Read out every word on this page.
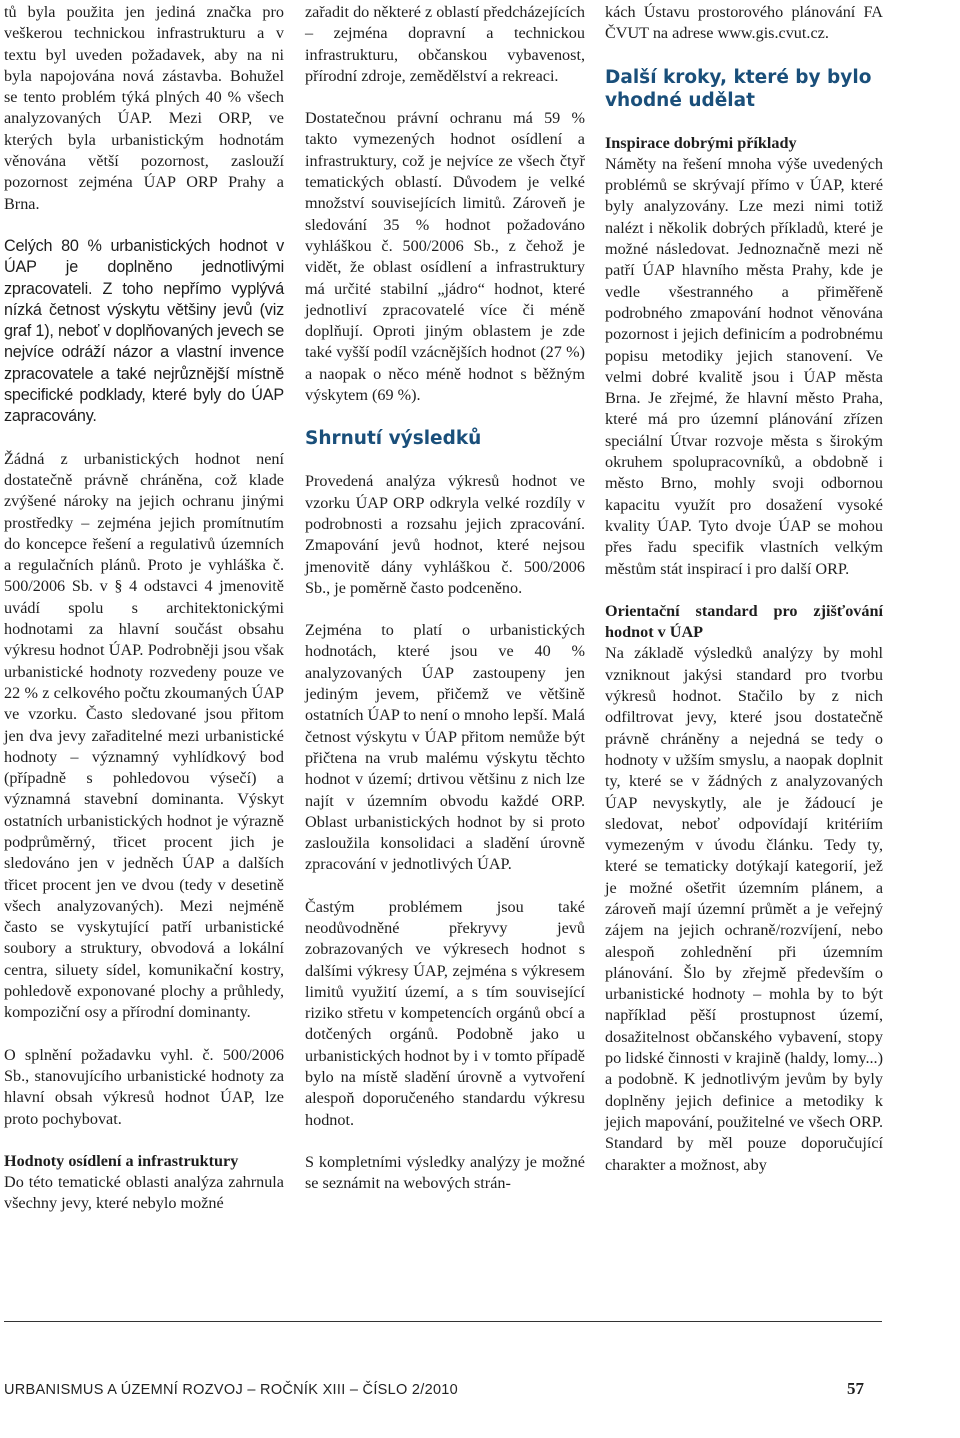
tů byla použita jen jediná značka pro veškerou technickou infrastrukturu a v textu byl uveden požadavek, aby na ni byla napojována nová zástavba. Bohužel se tento problém týká plných 40 % všech analyzovaných ÚAP. Mezi ORP, ve kterých byla urbanistickým hodnotám věnována větší pozornost, zaslouží pozornost zejména ÚAP ORP Prahy a Brna.

Celých 80 % urbanistických hodnot v ÚAP je doplněno jednotlivými zpracovateli. Z toho nepřímo vyplývá nízká četnost výskytu většiny jevů (viz graf 1), neboť v doplňovaných jevech se nejvíce odráží názor a vlastní invence zpracovatele a také nejrůznější místně specifické podklady, které byly do ÚAP zapracovány.

Žádná z urbanistických hodnot není dostatečně právně chráněna, což klade zvýšené nároky na jejich ochranu jinými prostředky – zejména jejich promítnutím do koncepce řešení a regulativů územních a regulačních plánů. Proto je vyhláška č. 500/2006 Sb. v § 4 odstavci 4 jmenovitě uvádí spolu s architektonickými hodnotami za hlavní součást obsahu výkresu hodnot ÚAP. Podrobněji jsou však urbanistické hodnoty rozvedeny pouze ve 22 % z celkového počtu zkoumaných ÚAP ve vzorku. Často sledované jsou přitom jen dva jevy zařaditelné mezi urbanistické hodnoty – významný vyhlídkový bod (případně s pohledovou výsečí) a významná stavební dominanta. Výskyt ostatních urbanistických hodnot je výrazně podprůměrný, třicet procent jich je sledováno jen v jedněch ÚAP a dalších třicet procent jen ve dvou (tedy v desetině všech analyzovaných). Mezi nejméně často se vyskytující patří urbanistické soubory a struktury, obvodová a lokální centra, siluety sídel, komunikační kostry, pohledově exponované plochy a průhledy, kompoziční osy a přírodní dominanty.

O splnění požadavku vyhl. č. 500/2006 Sb., stanovujícího urbanistické hodnoty za hlavní obsah výkresů hodnot ÚAP, lze proto pochybovat.

Hodnoty osídlení a infrastruktury

Do této tematické oblasti analýza zahrnula všechny jevy, které nebylo možné

zařadit do některé z oblastí předcházejících – zejména dopravní a technickou infrastrukturu, občanskou vybavenost, přírodní zdroje, zemědělství a rekreaci.

Dostatečnou právní ochranu má 59 % takto vymezených hodnot osídlení a infrastruktury, což je nejvíce ze všech čtyř tematických oblastí. Důvodem je velké množství souvisejících limitů. Zároveň je sledování 35 % hodnot požadováno vyhláškou č. 500/2006 Sb., z čehož je vidět, že oblast osídlení a infrastruktury má určité stabilní „jádro“ hodnot, které jednotliví zpracovatelé více či méně doplňují. Oproti jiným oblastem je zde také vyšší podíl vzácnějších hodnot (27 %) a naopak o něco méně hodnot s běžným výskytem (69 %).

Shrnutí výsledků

Provedená analýza výkresů hodnot ve vzorku ÚAP ORP odkryla velké rozdíly v podrobnosti a rozsahu jejich zpracování. Zmapování jevů hodnot, které nejsou jmenovitě dány vyhláškou č. 500/2006 Sb., je poměrně často podceněno.

Zejména to platí o urbanistických hodnotách, které jsou ve 40 % analyzovaných ÚAP zastoupeny jen jediným jevem, přičemž ve většině ostatních ÚAP to není o mnoho lepší. Malá četnost výskytu v ÚAP přitom nemůže být přičtena na vrub malému výskytu těchto hodnot v území; drtivou většinu z nich lze najít v územním obvodu každé ORP. Oblast urbanistických hodnot by si proto zasloužila konsolidaci a sladění úrovně zpracování v jednotlivých ÚAP.

Častým problémem jsou také neodůvodněné překryvy jevů zobrazovaných ve výkresech hodnot s dalšími výkresy ÚAP, zejména s výkresem limitů využití území, a s tím související riziko střetu v kompetencích orgánů obcí a dotčených orgánů. Podobně jako u urbanistických hodnot by i v tomto případě bylo na místě sladění úrovně a vytvoření alespoň doporučeného standardu výkresu hodnot.

S kompletními výsledky analýzy je možné se seznámit na webových strán-

kách Ústavu prostorového plánování FA ČVUT na adrese www.gis.cvut.cz.

Další kroky, které by bylo vhodné udělat
Inspirace dobrými příklady

Náměty na řešení mnoha výše uvedených problémů se skrývají přímo v ÚAP, které byly analyzovány. Lze mezi nimi totiž nalézt i několik dobrých příkladů, které je možné následovat. Jednoznačně mezi ně patří ÚAP hlavního města Prahy, kde je vedle všestranného a přiměřeně podrobného zmapování hodnot věnována pozornost i jejich definicím a podrobnému popisu metodiky jejich stanovení. Ve velmi dobré kvalitě jsou i ÚAP města Brna. Je zřejmé, že hlavní město Praha, které má pro územní plánování zřízen speciální Útvar rozvoje města s širokým okruhem spolupracovníků, a obdobně i město Brno, mohly svoji odbornou kapacitu využít pro dosažení vysoké kvality ÚAP. Tyto dvoje ÚAP se mohou přes řadu specifik vlastních velkým městům stát inspirací i pro další ORP.

Orientační standard pro zjišťování hodnot v ÚAP

Na základě výsledků analýzy by mohl vzniknout jakýsi standard pro tvorbu výkresů hodnot. Stačilo by z nich odfiltrovat jevy, které jsou dostatečně právně chráněny a nejedná se tedy o hodnoty v užším smyslu, a naopak doplnit ty, které se v žádných z analyzovaných ÚAP nevyskytly, ale je žádoucí je sledovat, neboť odpovídají kritériím vymezeným v úvodu článku. Tedy ty, které se tematicky dotýkají kategorií, jež je možné ošetřit územním plánem, a zároveň mají územní průmět a je veřejný zájem na jejich ochraně/rozvíjení, nebo alespoň zohlednění při územním plánování. Šlo by zřejmě především o urbanistické hodnoty – mohla by to být například pěší prostupnost území, dosažitelnost občanského vybavení, stopy po lidské činnosti v krajině (haldy, lomy...) a podobně. K jednotlivým jevům by byly doplněny jejich definice a metodiky k jejich mapování, použitelné ve všech ORP. Standard by měl pouze doporučující charakter a možnost, aby

URBANISMUS A ÚZEMNÍ ROZVOJ – ROČNÍK XIII – ČÍSLO 2/2010	57
